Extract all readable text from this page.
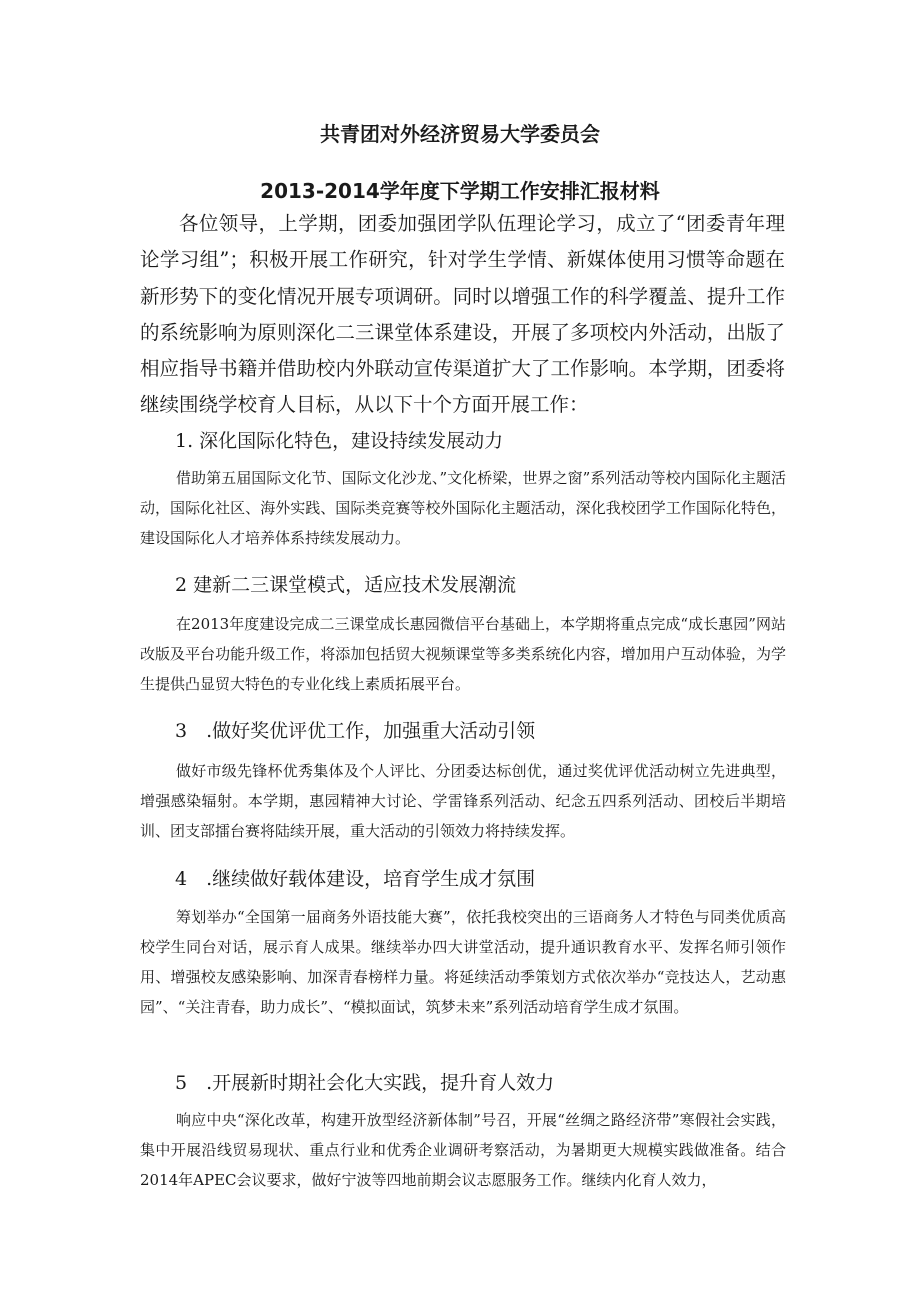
共青团对外经济贸易大学委员会
2013-2014学年度下学期工作安排汇报材料

各位领导，上学期，团委加强团学队伍理论学习，成立了“团委青年理论学习组”；积极开展工作研究，针对学生学情、新媒体使用习惯等命题在新形势下的变化情况开展专项调研。同时以增强工作的科学覆盖、提升工作的系统影响为原则深化二三课堂体系建设，开展了多项校内外活动，出版了相应指导书籍并借助校内外联动宣传渠道扩大了工作影响。本学期，团委将继续围绕学校育人目标，从以下十个方面开展工作：

1. 深化国际化特色，建设持续发展动力

借助第五届国际文化节、国际文化沙龙、”文化桥梁，世界之窗”系列活动等校内国际化主题活动，国际化社区、海外实践、国际类竞赛等校外国际化主题活动，深化我校团学工作国际化特色，建设国际化人才培养体系持续发展动力。

2 建新二三课堂模式，适应技术发展潮流

在2013年度建设完成二三课堂成长惠园微信平台基础上，本学期将重点完成“成长惠园”网站改版及平台功能升级工作，将添加包括贸大视频课堂等多类系统化内容，增加用户互动体验，为学生提供凸显贸大特色的专业化线上素质拓展平台。

3　.做好奖优评优工作，加强重大活动引领

做好市级先锋杯优秀集体及个人评比、分团委达标创优，通过奖优评优活动树立先进典型，增强感染辐射。本学期，惠园精神大讨论、学雷锋系列活动、纪念五四系列活动、团校后半期培训、团支部擂台赛将陆续开展，重大活动的引领效力将持续发挥。

4　.继续做好载体建设，培育学生成才氛围

筹划举办“全国第一届商务外语技能大赛”，依托我校突出的三语商务人才特色与同类优质高校学生同台对话，展示育人成果。继续举办四大讲堂活动，提升通识教育水平、发挥名师引领作用、增强校友感染影响、加深青春榜样力量。将延续活动季策划方式依次举办“竞技达人，艺动惠园”、“关注青春，助力成长”、“模拟面试，筑梦未来”系列活动培育学生成才氛围。

5　.开展新时期社会化大实践，提升育人效力

响应中央“深化改革，构建开放型经济新体制”号召，开展“丝绸之路经济带”寒假社会实践，集中开展沿线贸易现状、重点行业和优秀企业调研考察活动，为暑期更大规模实践做准备。结合2014年APEC会议要求，做好宁波等四地前期会议志愿服务工作。继续内化育人效力，
